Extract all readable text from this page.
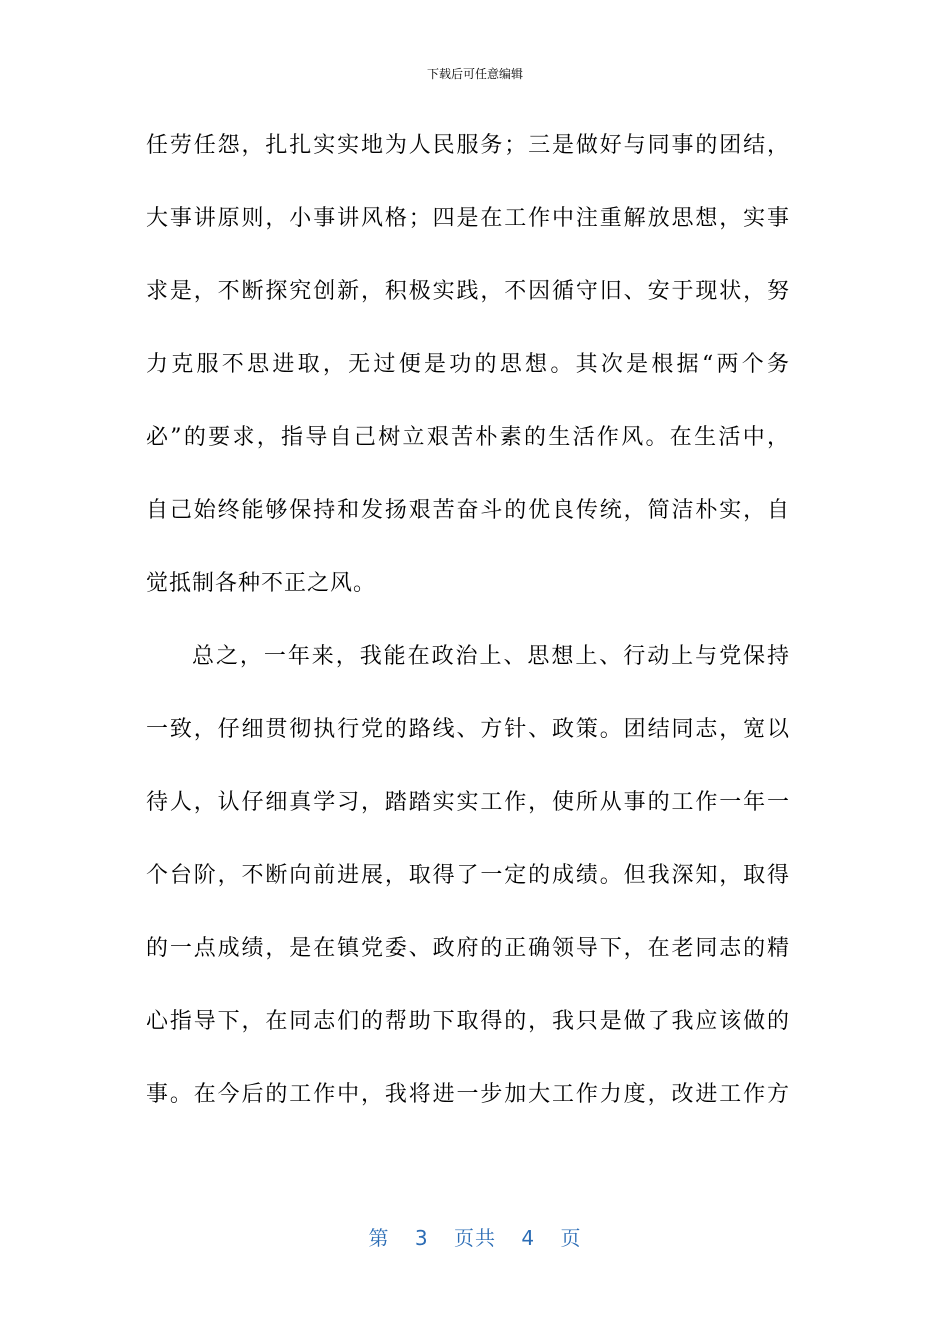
下载后可任意编辑
任劳任怨，扎扎实实地为人民服务；三是做好与同事的团结，
大事讲原则，小事讲风格；四是在工作中注重解放思想，实事
求是，不断探究创新，积极实践，不因循守旧、安于现状，努
力克服不思进取，无过便是功的思想。其次是根据“两个务
必”的要求，指导自己树立艰苦朴素的生活作风。在生活中，
自己始终能够保持和发扬艰苦奋斗的优良传统，简洁朴实，自
觉抵制各种不正之风。
总之，一年来，我能在政治上、思想上、行动上与党保持
一致，仔细贯彻执行党的路线、方针、政策。团结同志，宽以
待人，认仔细真学习，踏踏实实工作，使所从事的工作一年一
个台阶，不断向前进展，取得了一定的成绩。但我深知，取得
的一点成绩，是在镇党委、政府的正确领导下，在老同志的精
心指导下，在同志们的帮助下取得的，我只是做了我应该做的
事。在今后的工作中，我将进一步加大工作力度，改进工作方
第 3 页共 4 页
